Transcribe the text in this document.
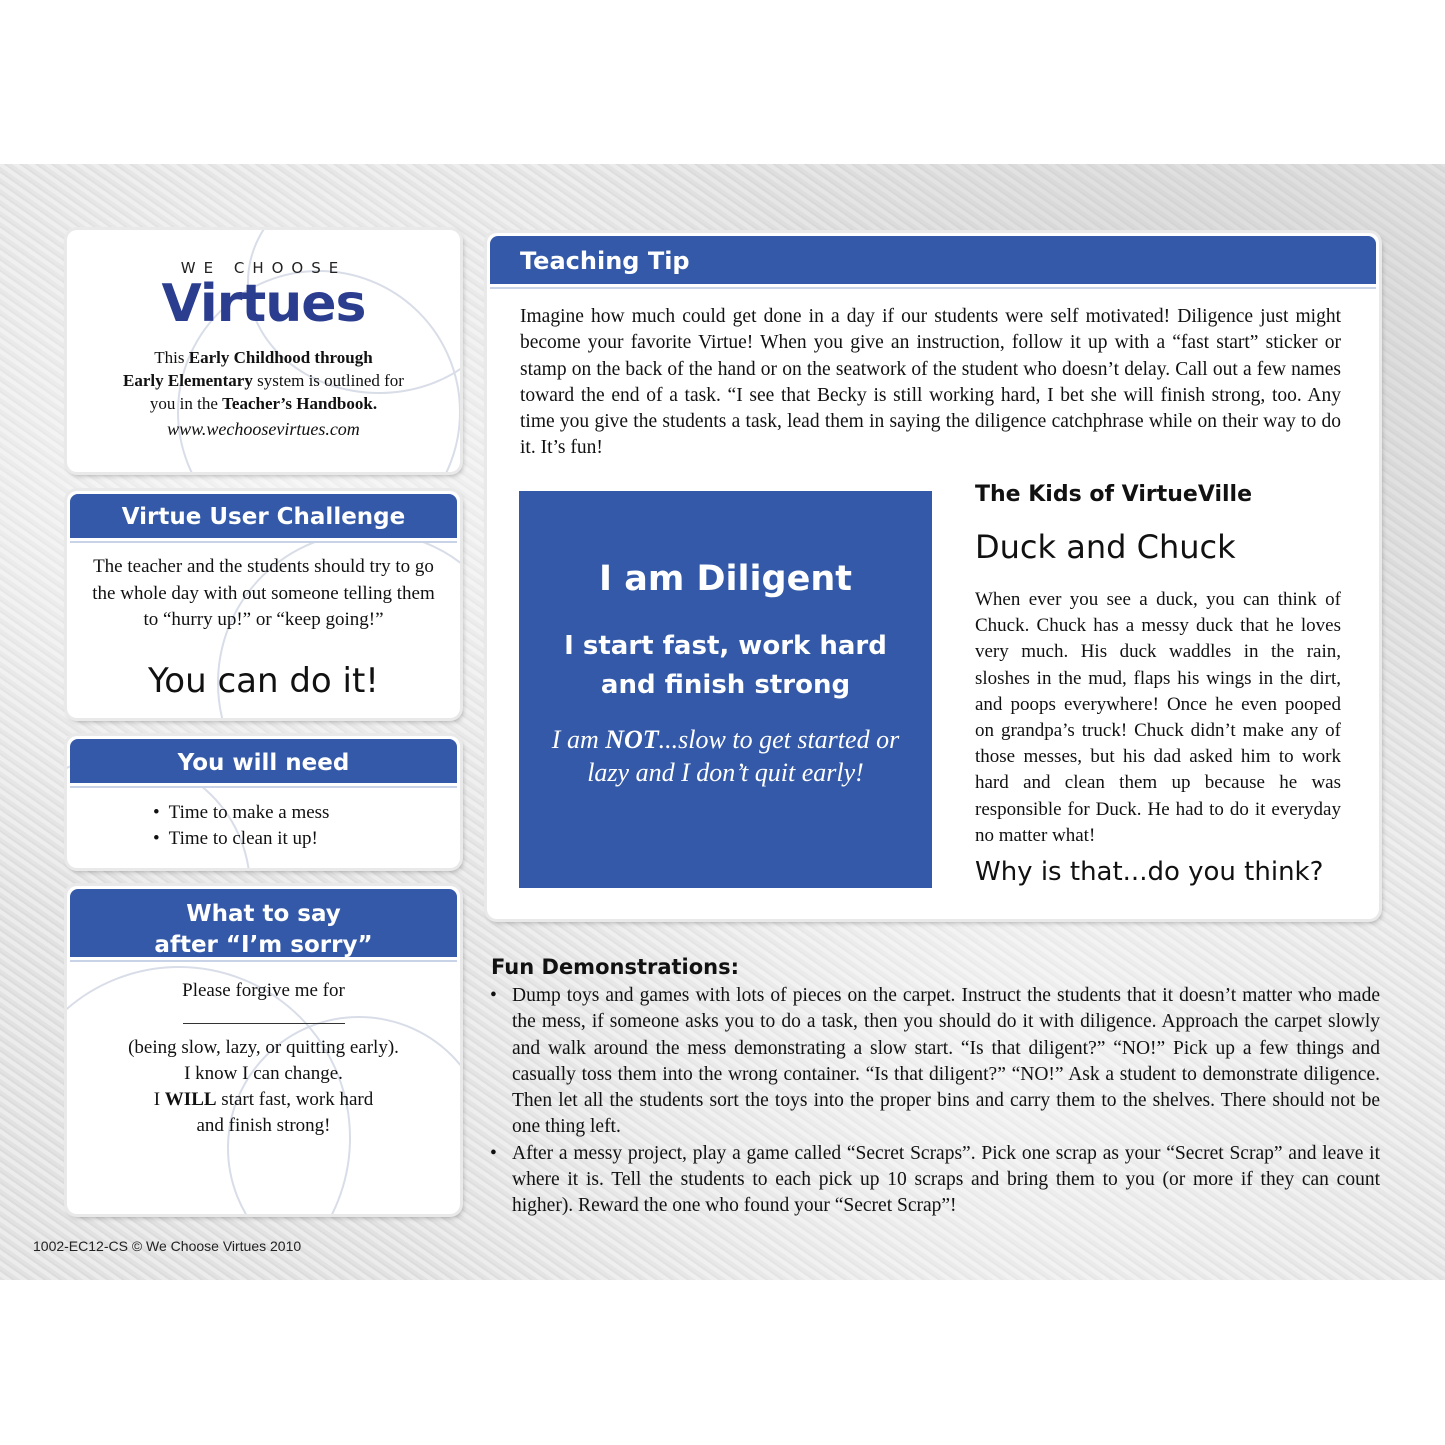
WE CHOOSE
Virtues
This Early Childhood through
Early Elementary system is outlined for
you in the Teacher’s Handbook.
www.wechoosevirtues.com
Virtue User Challenge
The teacher and the students should try to go the whole day with out someone telling them to “hurry up!” or “keep going!”
You can do it!
You will need
• Time to make a mess
• Time to clean it up!
What to say
after “I’m sorry”
Please forgive me for
(being slow, lazy, or quitting early).
I know I can change.
I WILL start fast, work hard
and finish strong!
Teaching Tip
Imagine how much could get done in a day if our students were self motivated! Diligence just might become your favorite Virtue! When you give an instruction, follow it up with a “fast start” sticker or stamp on the back of the hand or on the seatwork of the student who doesn’t delay. Call out a few names toward the end of a task. “I see that Becky is still working hard, I bet she will finish strong, too. Any time you give the students a task, lead them in saying the diligence catchphrase while on their way to do it. It’s fun!
I am Diligent
I start fast, work hard and finish strong
I am NOT...slow to get started or lazy and I don’t quit early!
The Kids of VirtueVille
Duck and Chuck
When ever you see a duck, you can think of Chuck. Chuck has a messy duck that he loves very much. His duck waddles in the rain, sloshes in the mud, flaps his wings in the dirt, and poops everywhere! Once he even pooped on grandpa’s truck! Chuck didn’t make any of those messes, but his dad asked him to work hard and clean them up because he was responsible for Duck. He had to do it everyday no matter what!
Why is that...do you think?
Fun Demonstrations:
• Dump toys and games with lots of pieces on the carpet. Instruct the students that it doesn’t matter who made the mess, if someone asks you to do a task, then you should do it with diligence. Approach the carpet slowly and walk around the mess demonstrating a slow start. “Is that diligent?” “NO!” Pick up a few things and casually toss them into the wrong container. “Is that diligent?” “NO!” Ask a student to demonstrate diligence. Then let all the students sort the toys into the proper bins and carry them to the shelves. There should not be one thing left.
• After a messy project, play a game called “Secret Scraps”. Pick one scrap as your “Secret Scrap” and leave it where it is. Tell the students to each pick up 10 scraps and bring them to you (or more if they can count higher). Reward the one who found your “Secret Scrap”!
1002-EC12-CS © We Choose Virtues 2010
